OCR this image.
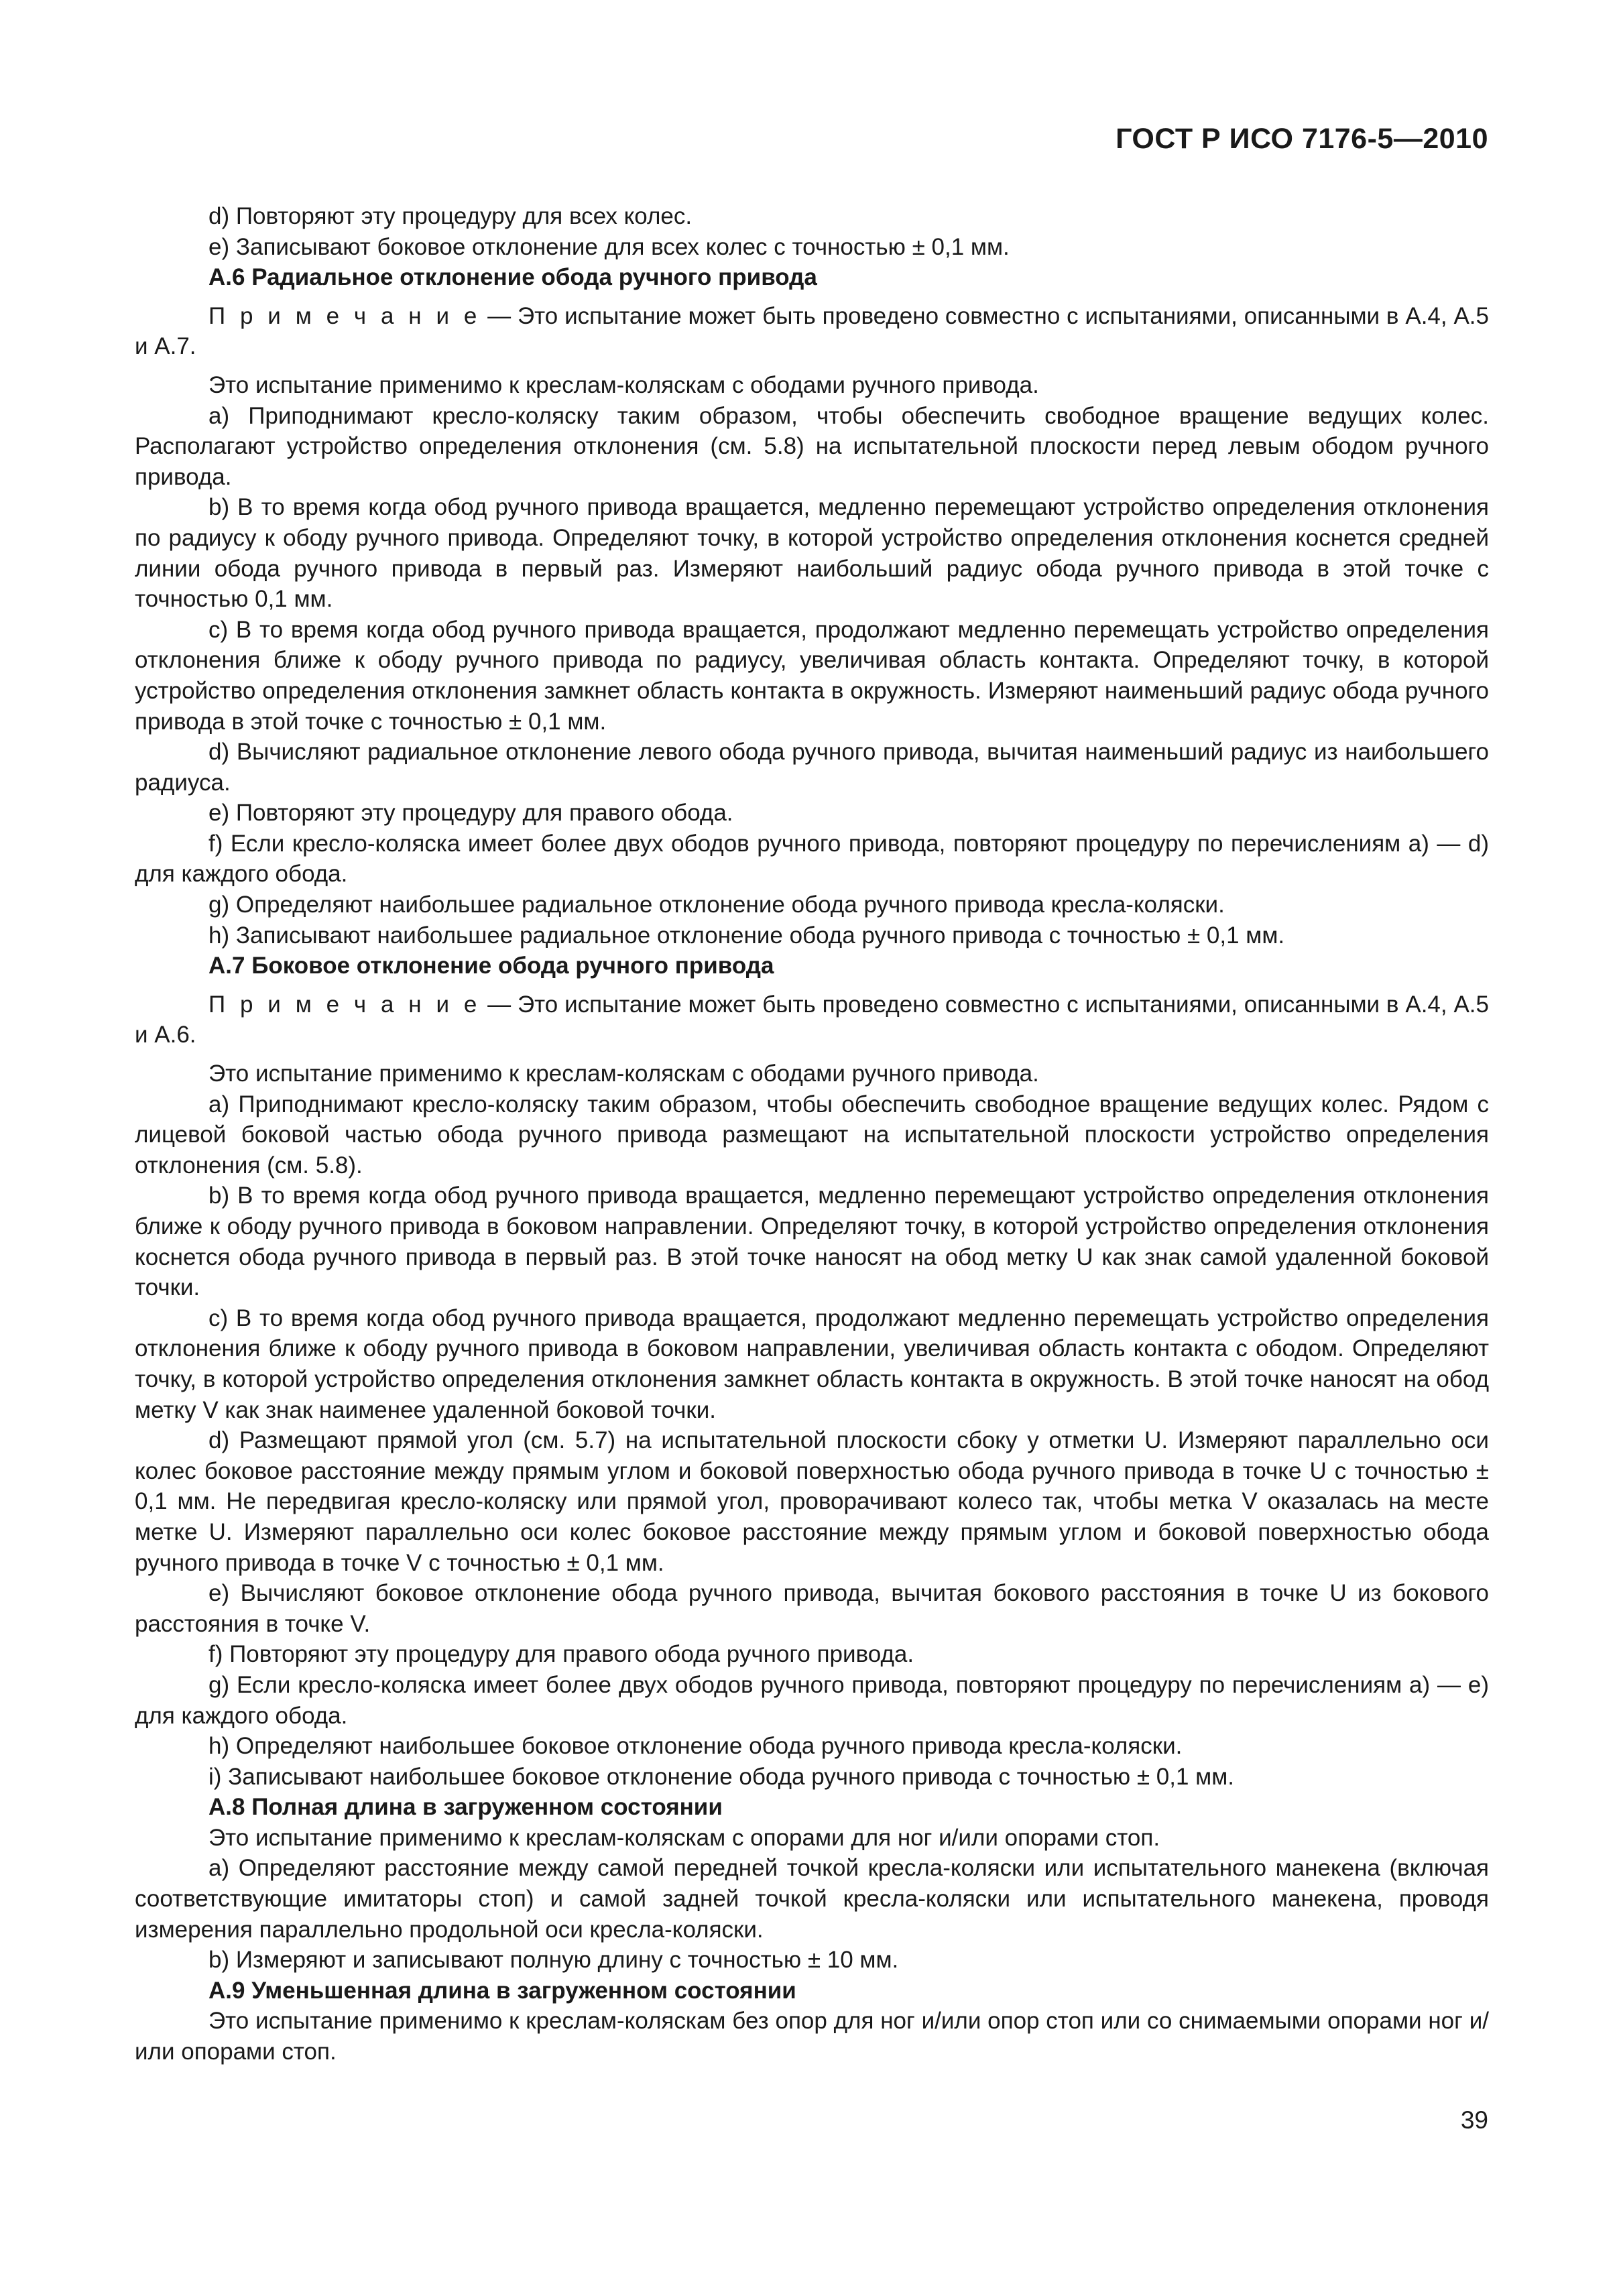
ГОСТ Р ИСО 7176-5—2010

d) Повторяют эту процедуру для всех колес.

e) Записывают боковое отклонение для всех колес с точностью ± 0,1 мм.

А.6 Радиальное отклонение обода ручного привода

П р и м е ч а н и е — Это испытание может быть проведено совместно с испытаниями, описанными в А.4, А.5 и А.7.

Это испытание применимо к креслам-коляскам с ободами ручного привода.

a) Приподнимают кресло-коляску таким образом, чтобы обеспечить свободное вращение ведущих колес. Располагают устройство определения отклонения (см. 5.8) на испытательной плоскости перед левым ободом ручного привода.

b) В то время когда обод ручного привода вращается, медленно перемещают устройство определения отклонения по радиусу к ободу ручного привода. Определяют точку, в которой устройство определения отклонения коснется средней линии обода ручного привода в первый раз. Измеряют наибольший радиус обода ручного привода в этой точке с точностью 0,1 мм.

c) В то время когда обод ручного привода вращается, продолжают медленно перемещать устройство определения отклонения ближе к ободу ручного привода по радиусу, увеличивая область контакта. Определяют точку, в которой устройство определения отклонения замкнет область контакта в окружность. Измеряют наименьший радиус обода ручного привода в этой точке с точностью ± 0,1 мм.

d) Вычисляют радиальное отклонение левого обода ручного привода, вычитая наименьший радиус из наибольшего радиуса.

e) Повторяют эту процедуру для правого обода.

f) Если кресло-коляска имеет более двух ободов ручного привода, повторяют процедуру по перечислениям a) — d) для каждого обода.

g) Определяют наибольшее радиальное отклонение обода ручного привода кресла-коляски.

h) Записывают наибольшее радиальное отклонение обода ручного привода с точностью ± 0,1 мм.

А.7 Боковое отклонение обода ручного привода

П р и м е ч а н и е — Это испытание может быть проведено совместно с испытаниями, описанными в А.4, А.5 и А.6.

Это испытание применимо к креслам-коляскам с ободами ручного привода.

a) Приподнимают кресло-коляску таким образом, чтобы обеспечить свободное вращение ведущих колес. Рядом с лицевой боковой частью обода ручного привода размещают на испытательной плоскости устройство определения отклонения (см. 5.8).

b) В то время когда обод ручного привода вращается, медленно перемещают устройство определения отклонения ближе к ободу ручного привода в боковом направлении. Определяют точку, в которой устройство определения отклонения коснется обода ручного привода в первый раз. В этой точке наносят на обод метку U как знак самой удаленной боковой точки.

c) В то время когда обод ручного привода вращается, продолжают медленно перемещать устройство определения отклонения ближе к ободу ручного привода в боковом направлении, увеличивая область контакта с ободом. Определяют точку, в которой устройство определения отклонения замкнет область контакта в окружность. В этой точке наносят на обод метку V как знак наименее удаленной боковой точки.

d) Размещают прямой угол (см. 5.7) на испытательной плоскости сбоку у отметки U. Измеряют параллельно оси колес боковое расстояние между прямым углом и боковой поверхностью обода ручного привода в точке U с точностью ± 0,1 мм. Не передвигая кресло-коляску или прямой угол, проворачивают колесо так, чтобы метка V оказалась на месте метке U. Измеряют параллельно оси колес боковое расстояние между прямым углом и боковой поверхностью обода ручного привода в точке V с точностью ± 0,1 мм.

e) Вычисляют боковое отклонение обода ручного привода, вычитая бокового расстояния в точке U из бокового расстояния в точке V.

f) Повторяют эту процедуру для правого обода ручного привода.

g) Если кресло-коляска имеет более двух ободов ручного привода, повторяют процедуру по перечислениям a) — e) для каждого обода.

h) Определяют наибольшее боковое отклонение обода ручного привода кресла-коляски.

i) Записывают наибольшее боковое отклонение обода ручного привода с точностью ± 0,1 мм.

А.8 Полная длина в загруженном состоянии

Это испытание применимо к креслам-коляскам с опорами для ног и/или опорами стоп.

a) Определяют расстояние между самой передней точкой кресла-коляски или испытательного манекена (включая соответствующие имитаторы стоп) и самой задней точкой кресла-коляски или испытательного манекена, проводя измерения параллельно продольной оси кресла-коляски.

b) Измеряют и записывают полную длину с точностью ± 10 мм.

А.9 Уменьшенная длина в загруженном состоянии

Это испытание применимо к креслам-коляскам без опор для ног и/или опор стоп или со снимаемыми опорами ног и/или опорами стоп.

39
